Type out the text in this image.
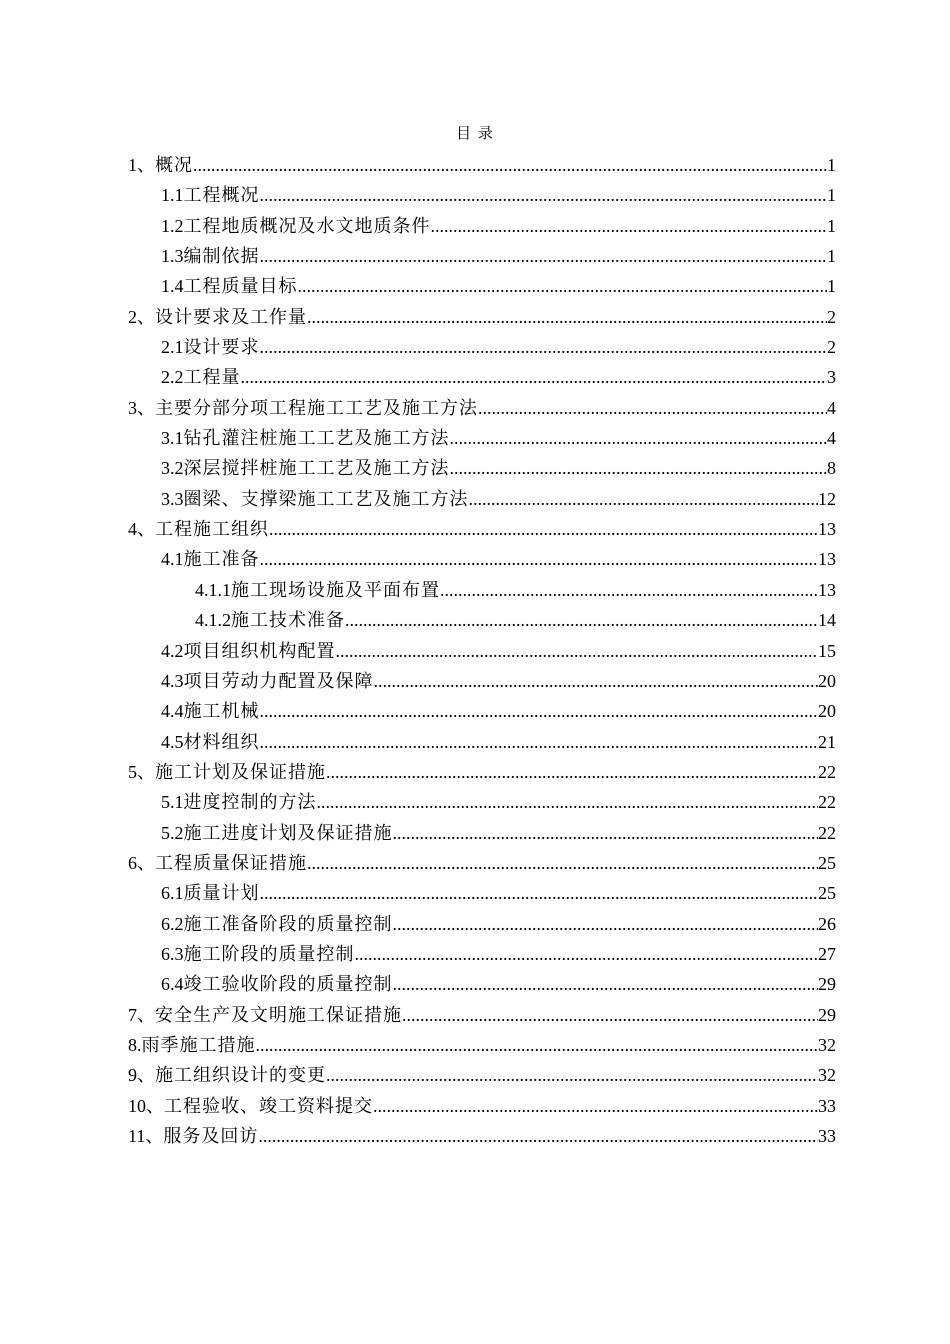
目 录
1、 概况 .....	1
1.1 工程概况 .....	1
1.2 工程地质概况及水文地质条件 .....	1
1.3 编制依据 .....	1
1.4 工程质量目标 .....	1
2、 设计要求及工作量 .....	2
2.1 设计要求 .....	2
2.2 工程量 .....	3
3、 主要分部分项工程施工工艺及施工方法 .....	4
3.1 钻孔灌注桩施工工艺及施工方法 .....	4
3.2 深层搅拌桩施工工艺及施工方法 .....	8
3.3 圈梁、支撑梁施工工艺及施工方法 .....	12
4、 工程施工组织 .....	13
4.1 施工准备 .....	13
4.1.1 施工现场设施及平面布置 .....	13
4.1.2 施工技术准备 .....	14
4.2 项目组织机构配置 .....	15
4.3 项目劳动力配置及保障 .....	20
4.4 施工机械 .....	20
4.5 材料组织 .....	21
5、 施工计划及保证措施 .....	22
5.1 进度控制的方法 .....	22
5.2 施工进度计划及保证措施 .....	22
6、 工程质量保证措施 .....	25
6.1 质量计划 .....	25
6.2 施工准备阶段的质量控制 .....	26
6.3 施工阶段的质量控制 .....	27
6.4 竣工验收阶段的质量控制 .....	29
7、 安全生产及文明施工保证措施 .....	29
8. 雨季施工措施 .....	32
9、 施工组织设计的变更 .....	32
10、 工程验收、竣工资料提交 .....	33
11、 服务及回访 .....	33
